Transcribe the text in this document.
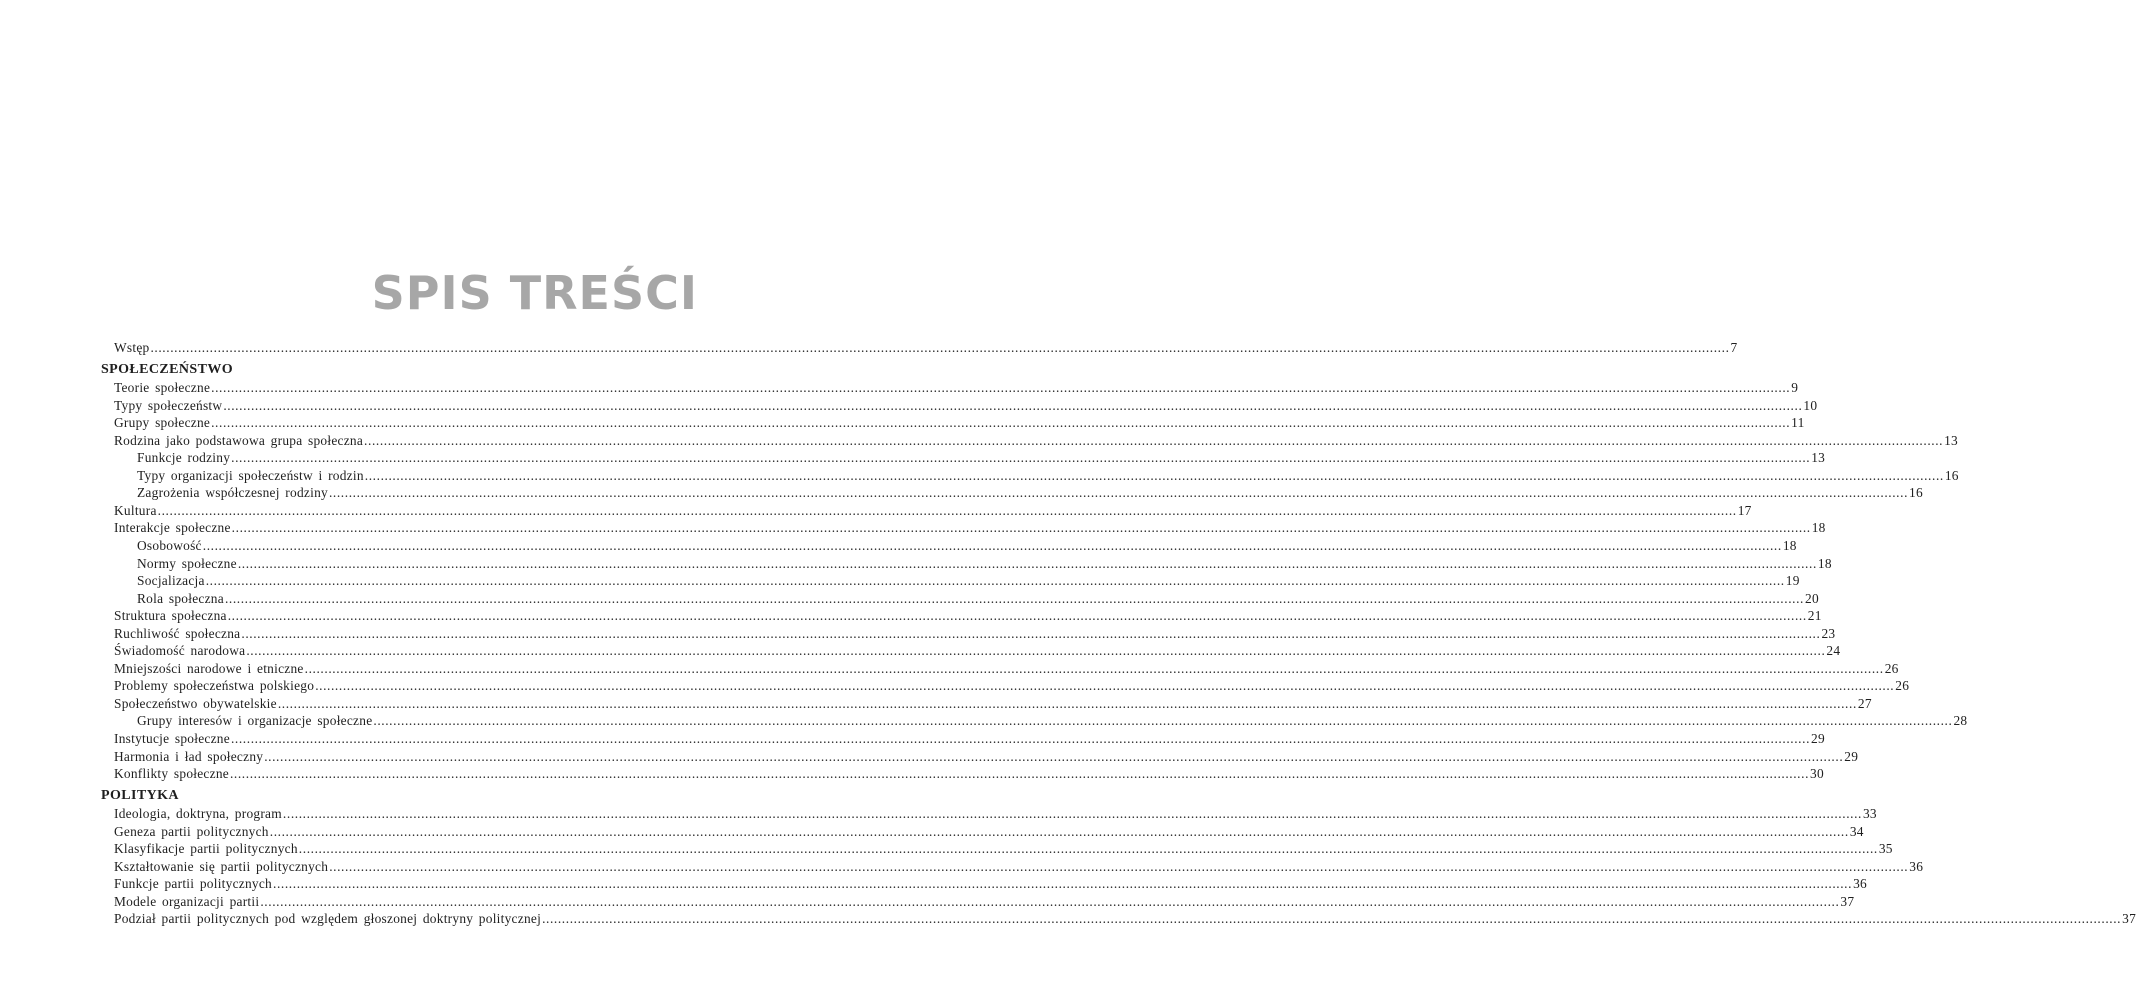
SPIS TREŚCI
Wstęp ................................................................................................................................................................................................................................................................................................................................................................................................................ 7
SPOŁECZEŃSTWO
Teorie społeczne ................................................................................................................................................................................................................................................................................................................................................................................................................ 9
Typy społeczeństw ................................................................................................................................................................................................................................................................................................................................................................................................................ 10
Grupy społeczne ................................................................................................................................................................................................................................................................................................................................................................................................................ 11
Rodzina jako podstawowa grupa społeczna ................................................................................................................................................................................................................................................................................................................................................................................................................ 13
Funkcje rodziny ................................................................................................................................................................................................................................................................................................................................................................................................................ 13
Typy organizacji społeczeństw i rodzin ................................................................................................................................................................................................................................................................................................................................................................................................................ 16
Zagrożenia współczesnej rodziny ................................................................................................................................................................................................................................................................................................................................................................................................................ 16
Kultura ................................................................................................................................................................................................................................................................................................................................................................................................................ 17
Interakcje społeczne ................................................................................................................................................................................................................................................................................................................................................................................................................ 18
Osobowość ................................................................................................................................................................................................................................................................................................................................................................................................................ 18
Normy społeczne ................................................................................................................................................................................................................................................................................................................................................................................................................ 18
Socjalizacja ................................................................................................................................................................................................................................................................................................................................................................................................................ 19
Rola społeczna ................................................................................................................................................................................................................................................................................................................................................................................................................ 20
Struktura społeczna ................................................................................................................................................................................................................................................................................................................................................................................................................ 21
Ruchliwość społeczna ................................................................................................................................................................................................................................................................................................................................................................................................................ 23
Świadomość narodowa ................................................................................................................................................................................................................................................................................................................................................................................................................ 24
Mniejszości narodowe i etniczne ................................................................................................................................................................................................................................................................................................................................................................................................................ 26
Problemy społeczeństwa polskiego ................................................................................................................................................................................................................................................................................................................................................................................................................ 26
Społeczeństwo obywatelskie ................................................................................................................................................................................................................................................................................................................................................................................................................ 27
Grupy interesów i organizacje społeczne ................................................................................................................................................................................................................................................................................................................................................................................................................ 28
Instytucje społeczne ................................................................................................................................................................................................................................................................................................................................................................................................................ 29
Harmonia i ład społeczny ................................................................................................................................................................................................................................................................................................................................................................................................................ 29
Konflikty społeczne ................................................................................................................................................................................................................................................................................................................................................................................................................ 30
POLITYKA
Ideologia, doktryna, program ................................................................................................................................................................................................................................................................................................................................................................................................................ 33
Geneza partii politycznych ................................................................................................................................................................................................................................................................................................................................................................................................................ 34
Klasyfikacje partii politycznych ................................................................................................................................................................................................................................................................................................................................................................................................................ 35
Kształtowanie się partii politycznych ................................................................................................................................................................................................................................................................................................................................................................................................................ 36
Funkcje partii politycznych ................................................................................................................................................................................................................................................................................................................................................................................................................ 36
Modele organizacji partii ................................................................................................................................................................................................................................................................................................................................................................................................................ 37
Podział partii politycznych pod względem głoszonej doktryny politycznej ................................................................................................................................................................................................................................................................................................................................................................................................................ 37
